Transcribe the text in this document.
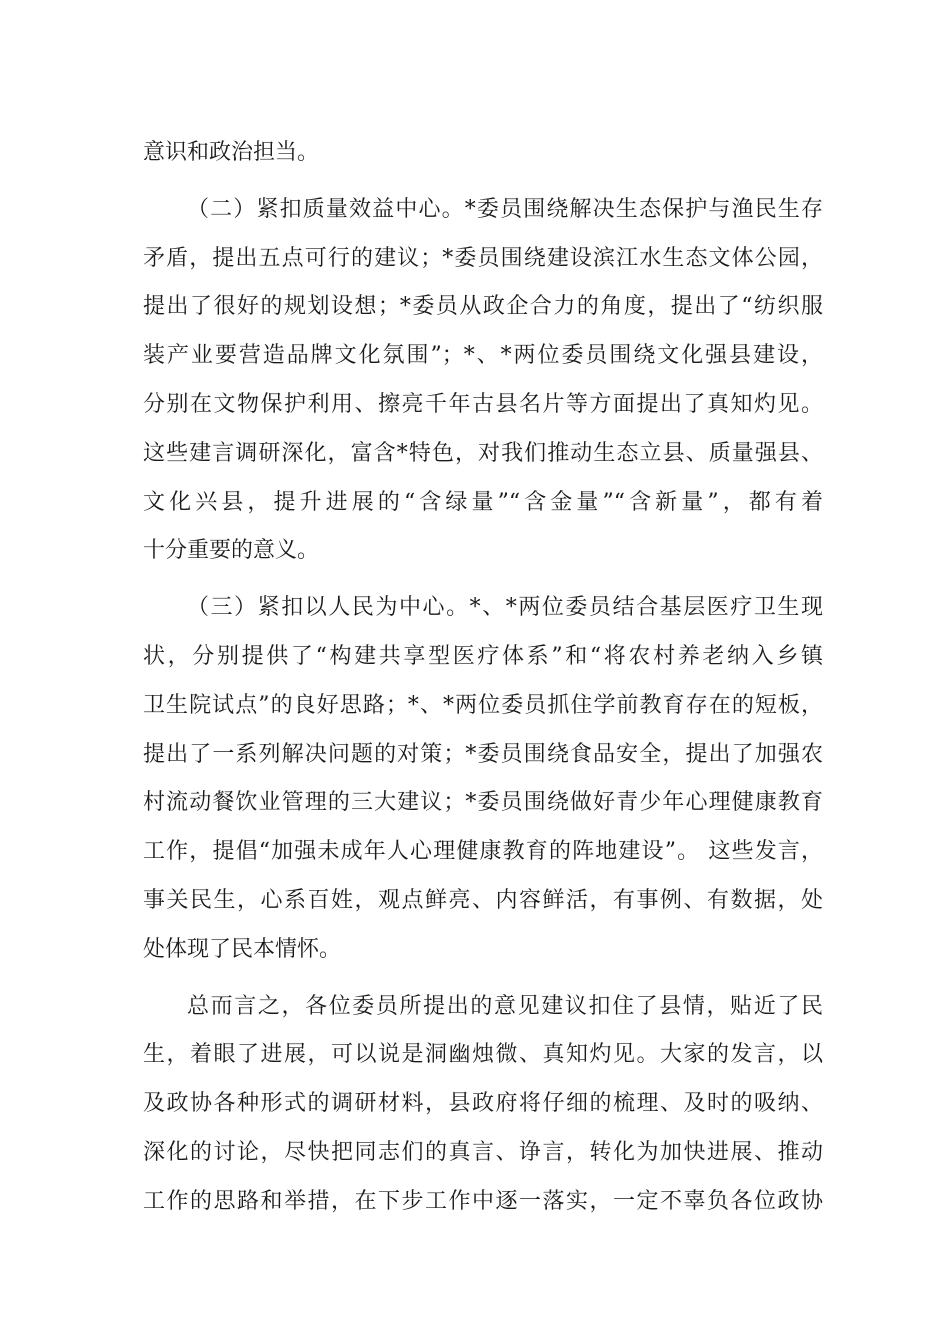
意识和政治担当。
（二）紧扣质量效益中心。*委员围绕解决生态保护与渔民生存
矛盾，提出五点可行的建议；*委员围绕建设滨江水生态文体公园，
提出了很好的规划设想；*委员从政企合力的角度，提出了“纺织服
装产业要营造品牌文化氛围”；*、*两位委员围绕文化强县建设，
分别在文物保护利用、擦亮千年古县名片等方面提出了真知灼见。
这些建言调研深化，富含*特色，对我们推动生态立县、质量强县、
文化兴县，提升进展的“含绿量”“含金量”“含新量”，都有着
十分重要的意义。
（三）紧扣以人民为中心。*、*两位委员结合基层医疗卫生现
状，分别提供了“构建共享型医疗体系”和“将农村养老纳入乡镇
卫生院试点”的良好思路；*、*两位委员抓住学前教育存在的短板，
提出了一系列解决问题的对策；*委员围绕食品安全，提出了加强农
村流动餐饮业管理的三大建议；*委员围绕做好青少年心理健康教育
工作，提倡“加强未成年人心理健康教育的阵地建设”。 这些发言，
事关民生，心系百姓，观点鲜亮、内容鲜活，有事例、有数据，处
处体现了民本情怀。
总而言之，各位委员所提出的意见建议扣住了县情，贴近了民
生，着眼了进展，可以说是洞幽烛微、真知灼见。大家的发言，以
及政协各种形式的调研材料，县政府将仔细的梳理、及时的吸纳、
深化的讨论，尽快把同志们的真言、诤言，转化为加快进展、推动
工作的思路和举措，在下步工作中逐一落实，一定不辜负各位政协
